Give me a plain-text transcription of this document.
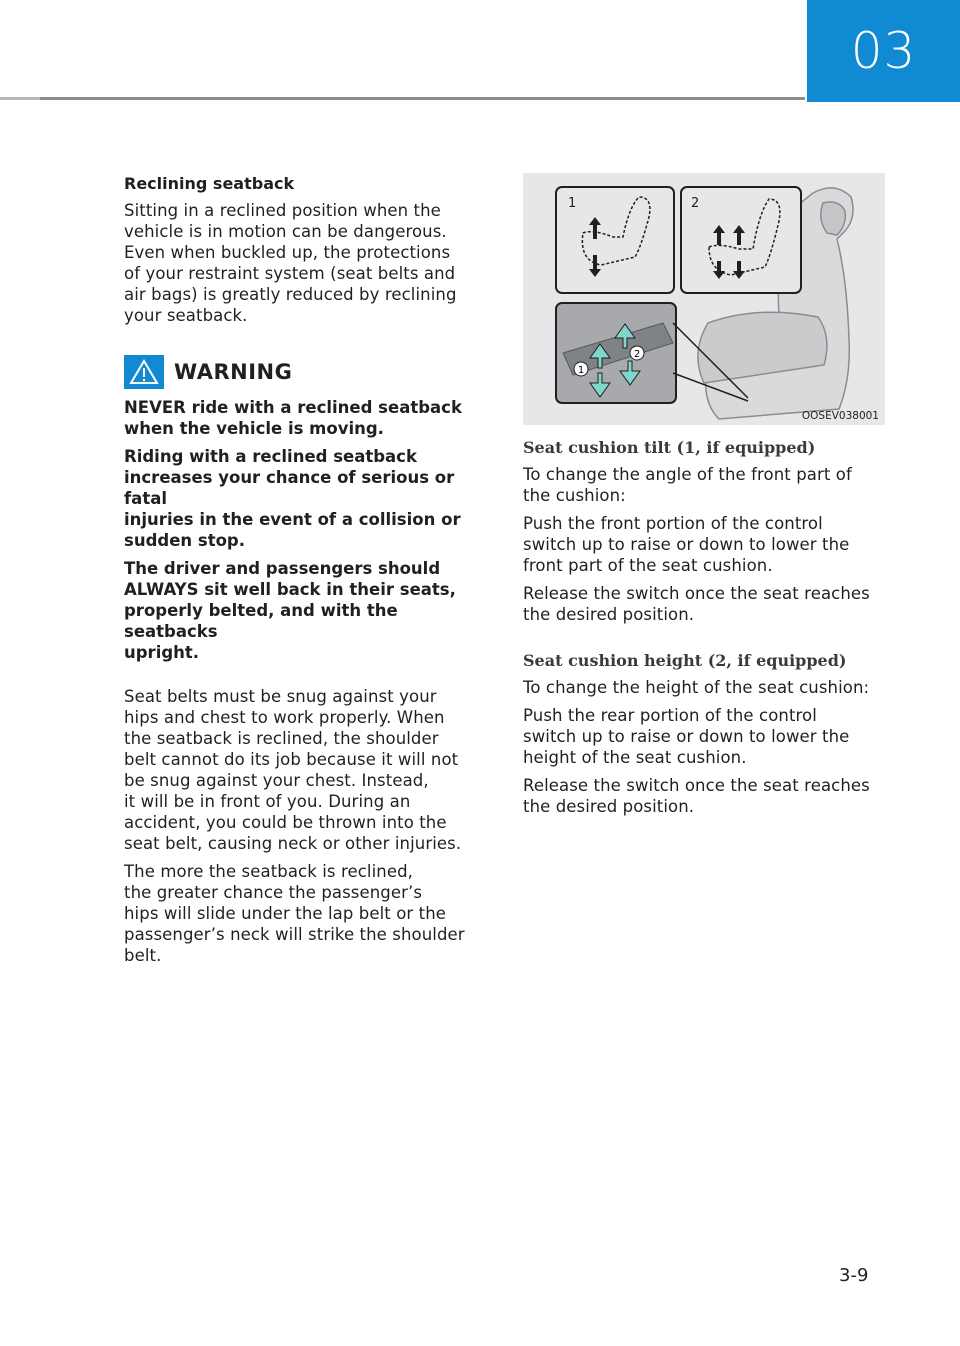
03
Reclining seatback

Sitting in a reclined position when the
vehicle is in motion can be dangerous.
Even when buckled up, the protections
of your restraint system (seat belts and
air bags) is greatly reduced by reclining
your seatback.

WARNING

NEVER ride with a reclined seatback
when the vehicle is moving.

Riding with a reclined seatback
increases your chance of serious or fatal
injuries in the event of a collision or
sudden stop.

The driver and passengers should
ALWAYS sit well back in their seats,
properly belted, and with the seatbacks
upright.

Seat belts must be snug against your
hips and chest to work properly. When
the seatback is reclined, the shoulder
belt cannot do its job because it will not
be snug against your chest. Instead,
it will be in front of you. During an
accident, you could be thrown into the
seat belt, causing neck or other injuries.

The more the seatback is reclined,
the greater chance the passenger’s
hips will slide under the lap belt or the
passenger’s neck will strike the shoulder
belt.

1
2
1	2
OOSEV038001
Seat cushion tilt (1, if equipped)

To change the angle of the front part of
the cushion:

Push the front portion of the control
switch up to raise or down to lower the
front part of the seat cushion.

Release the switch once the seat reaches
the desired position.

Seat cushion height (2, if equipped)

To change the height of the seat cushion:

Push the rear portion of the control
switch up to raise or down to lower the
height of the seat cushion.

Release the switch once the seat reaches
the desired position.

3-9
